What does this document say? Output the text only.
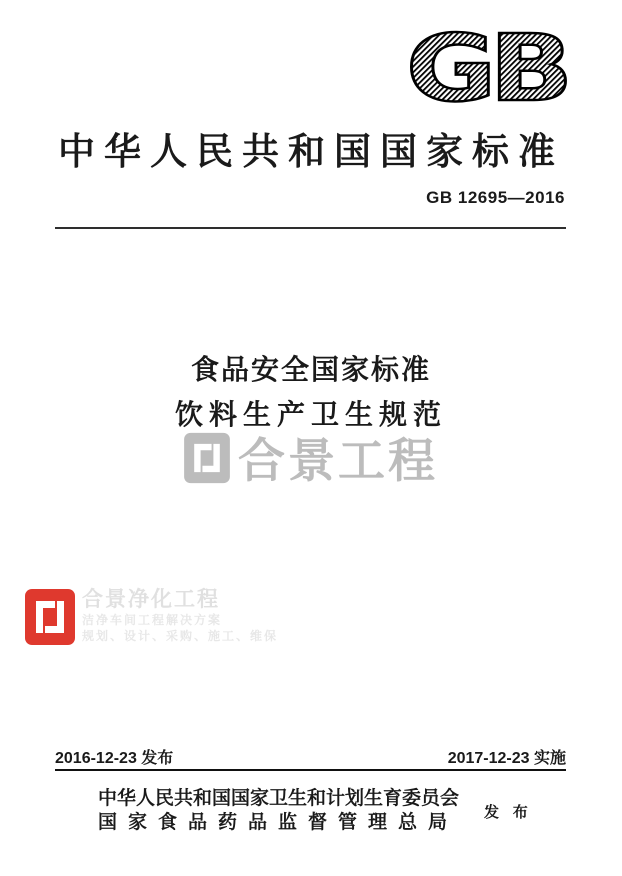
GB
中华人民共和国国家标准
GB 12695—2016
食品安全国家标准
饮料生产卫生规范
合景工程
合景净化工程
洁净车间工程解决方案
规划、设计、采购、施工、维保
2016-12-23 发布	2017-12-23 实施
中华人民共和国国家卫生和计划生育委员会
国家食品药品监督管理总局	发 布
